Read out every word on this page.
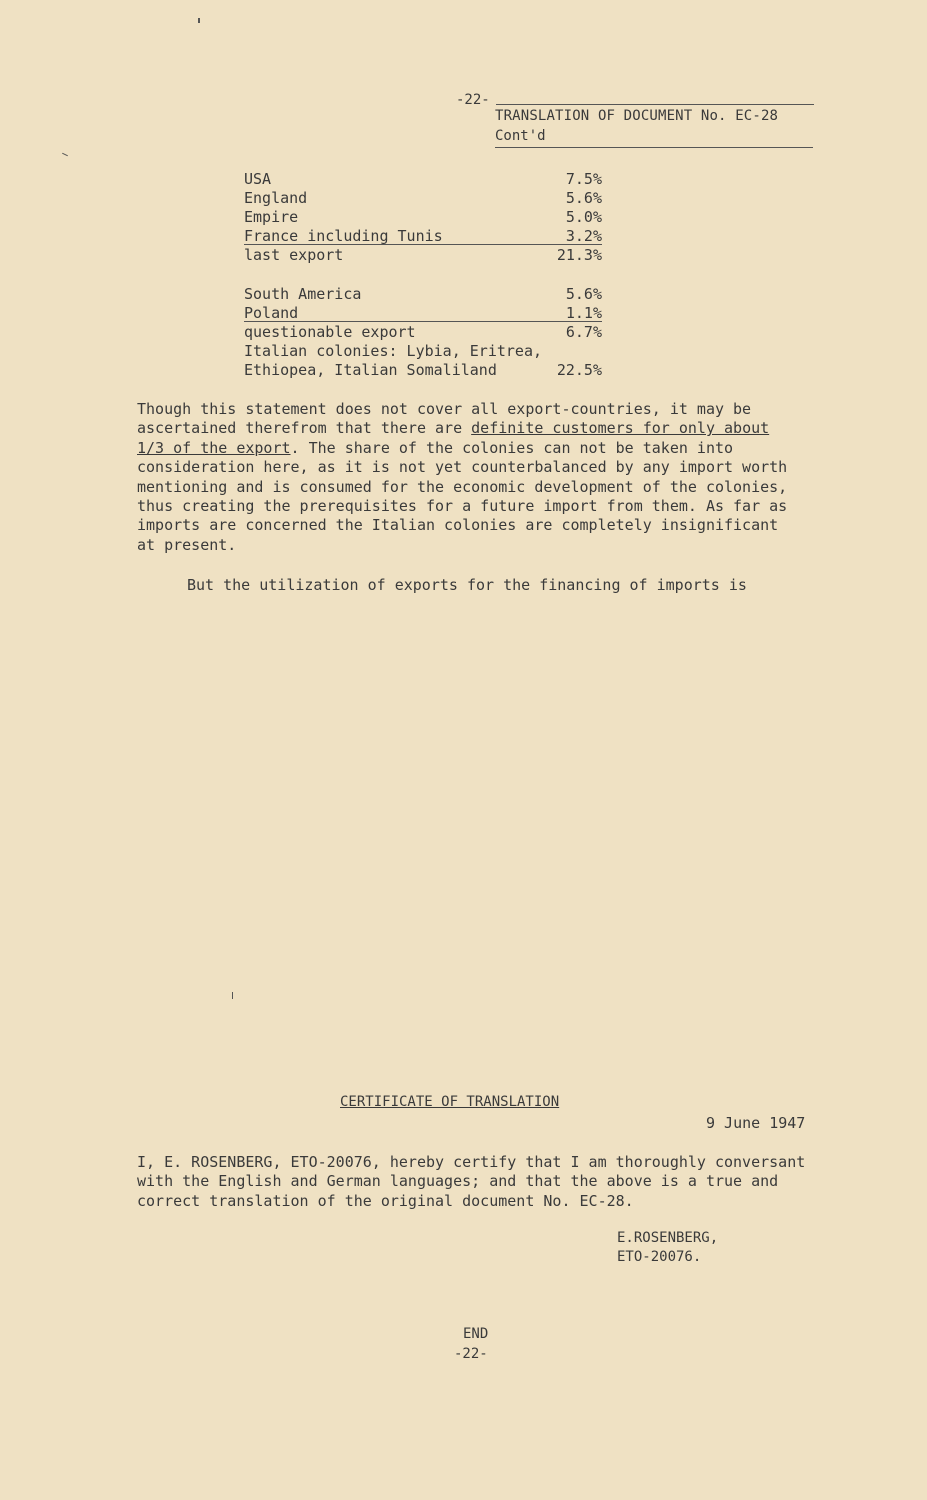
-22-
TRANSLATION OF DOCUMENT No. EC-28
Cont'd
USA	7.5%
England	5.6%
Empire	5.0%
France including Tunis	3.2%
last export	21.3%
South America	5.6%
Poland	1.1%
questionable export	6.7%
Italian colonies: Lybia, Eritrea,
Ethiopea, Italian Somaliland	22.5%
Though this statement does not cover all export-countries, it may be
ascertained therefrom that there are definite customers for only about
1/3 of the export. The share of the colonies can not be taken into
consideration here, as it is not yet counterbalanced by any import worth
mentioning and is consumed for the economic development of the colonies,
thus creating the prerequisites for a future import from them. As far as
imports are concerned the Italian colonies are completely insignificant
at present.
But the utilization of exports for the financing of imports is
CERTIFICATE OF TRANSLATION
9 June 1947
I, E. ROSENBERG, ETO-20076, hereby certify that I am thoroughly conversant
with the English and German languages; and that the above is a true and
correct translation of the original document No. EC-28.
E.ROSENBERG,
ETO-20076.
END
-22-
